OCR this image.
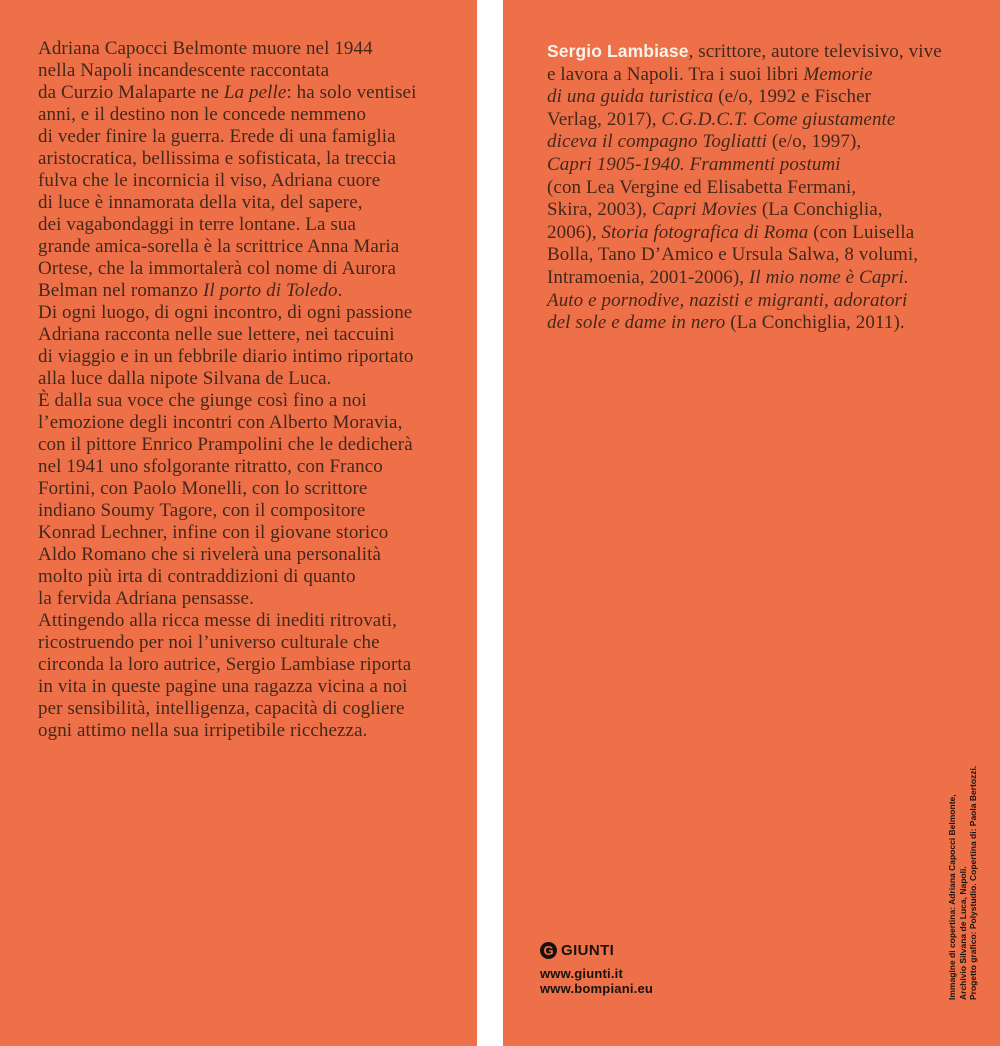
Adriana Capocci Belmonte muore nel 1944
nella Napoli incandescente raccontata
da Curzio Malaparte ne La pelle: ha solo ventisei
anni, e il destino non le concede nemmeno
di veder finire la guerra. Erede di una famiglia
aristocratica, bellissima e sofisticata, la treccia
fulva che le incornicia il viso, Adriana cuore
di luce è innamorata della vita, del sapere,
dei vagabondaggi in terre lontane. La sua
grande amica-sorella è la scrittrice Anna Maria
Ortese, che la immortalerà col nome di Aurora
Belman nel romanzo Il porto di Toledo.
Di ogni luogo, di ogni incontro, di ogni passione
Adriana racconta nelle sue lettere, nei taccuini
di viaggio e in un febbrile diario intimo riportato
alla luce dalla nipote Silvana de Luca.
È dalla sua voce che giunge così fino a noi
l’emozione degli incontri con Alberto Moravia,
con il pittore Enrico Prampolini che le dedicherà
nel 1941 uno sfolgorante ritratto, con Franco
Fortini, con Paolo Monelli, con lo scrittore
indiano Soumy Tagore, con il compositore
Konrad Lechner, infine con il giovane storico
Aldo Romano che si rivelerà una personalità
molto più irta di contraddizioni di quanto
la fervida Adriana pensasse.
Attingendo alla ricca messe di inediti ritrovati,
ricostruendo per noi l’universo culturale che
circonda la loro autrice, Sergio Lambiase riporta
in vita in queste pagine una ragazza vicina a noi
per sensibilità, intelligenza, capacità di cogliere
ogni attimo nella sua irripetibile ricchezza.
Sergio Lambiase, scrittore, autore televisivo, vive
e lavora a Napoli. Tra i suoi libri Memorie
di una guida turistica (e/o, 1992 e Fischer
Verlag, 2017), C.G.D.C.T. Come giustamente
diceva il compagno Togliatti (e/o, 1997),
Capri 1905-1940. Frammenti postumi
(con Lea Vergine ed Elisabetta Fermani,
Skira, 2003), Capri Movies (La Conchiglia,
2006), Storia fotografica di Roma (con Luisella
Bolla, Tano D’Amico e Ursula Salwa, 8 volumi,
Intramoenia, 2001-2006), Il mio nome è Capri.
Auto e pornodive, nazisti e migranti, adoratori
del sole e dame in nero (La Conchiglia, 2011).
G GIUNTI
www.giunti.it
www.bompiani.eu	Immagine di copertina: Adriana Capocci Belmonte, Archivio Silvana de Luca, Napoli. Progetto grafico: Polystudio. Copertina di: Paola Bertozzi.
